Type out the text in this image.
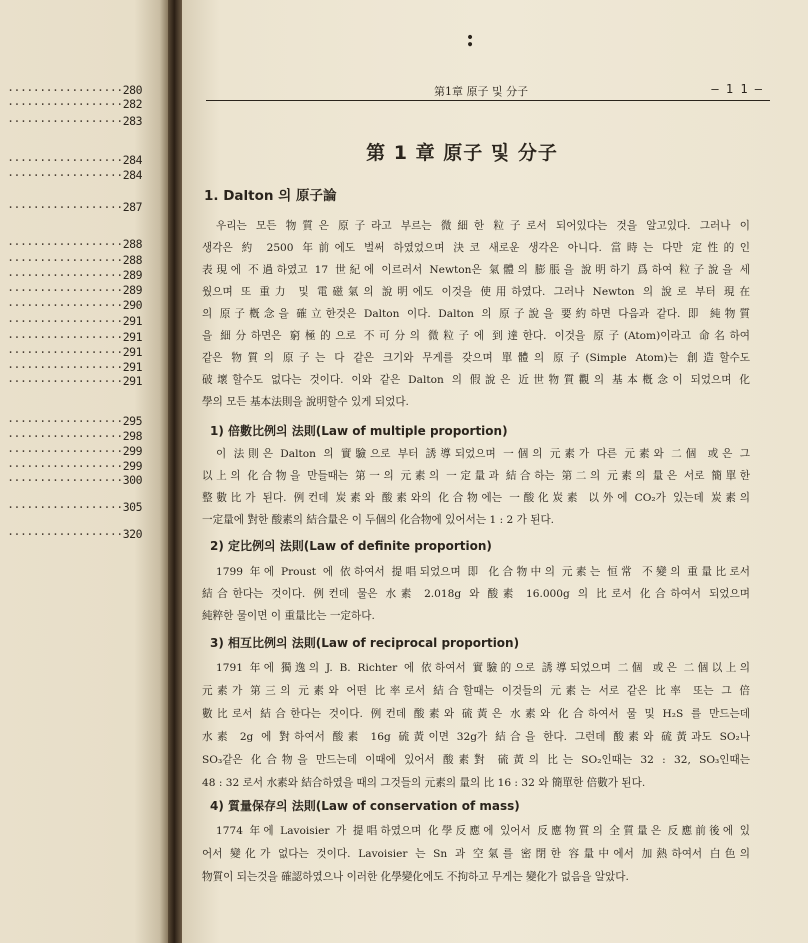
··················280
··················282
··················283
··················284
··················284
··················287
··················288
··················288
··················289
··················289
··················290
··················291
··················291
··················291
··················291
··················291
··················295
··················298
··················299
··················299
··················300
··················305
··················320
:
第1章 原子 및 分子	— 1 1 —
第 1 章 原子 및 分子
1. Dalton 의 原子論
우리는 모든 物質은 原子라고 부르는 微細한 粒子로서 되어있다는 것을 알고있다. 그러나 이
생각은 約 2500 年前에도 벌써 하였었으며 決코 새로운 생각은 아니다. 當時는 다만 定性的인
表現에 不過하였고 17 世紀에 이르러서 Newton은 氣體의 膨脹을 說明하기 爲하여 粒子說을 세
웠으며 또 重力 및 電磁氣의 說明에도 이것을 使用하였다. 그러나 Newton 의 說로 부터 現在
의 原子槪念을 確立한것은 Dalton 이다. Dalton 의 原子說을 要約하면 다음과 같다. 即 純物質
을 細分하면은 窮極的으로 不可分의 微粒子에 到達한다. 이것을 原子(Atom)이라고 命名하여
같은 物質의 原子는 다 같은 크기와 무게를 갖으며 單體의 原子(Simple Atom)는 創造할수도
破壞할수도 없다는 것이다. 이와 같은 Dalton 의 假說은 近世物質觀의 基本槪念이 되었으며 化
學의 모든 基本法則을 說明할수 있게 되었다.
1) 倍數比例의 法則(Law of multiple proportion)
이 法則은 Dalton 의 實驗으로 부터 誘導되었으며 一個의 元素가 다른 元素와 二個 或은 그
以上의 化合物을 만들때는 第一의 元素의 一定量과 結合하는 第二의 元素의 量은 서로 簡單한
整數比가 된다. 例컨데 炭素와 酸素와의 化合物에는 一酸化炭素 以外에 CO₂가 있는데 炭素의
一定量에 對한 酸素의 結合量은 이 두個의 化合物에 있어서는 1 : 2 가 된다.
2) 定比例의 法則(Law of definite proportion)
1799 年에 Proust 에 依하여서 提唱되었으며 即 化合物中의 元素는 恒常 不變의 重量比로서
結合한다는 것이다. 例컨데 물은 水素 2.018g 와 酸素 16.000g 의 比로서 化合하여서 되었으며
純粹한 물이면 이 重量比는 一定하다.
3) 相互比例의 法則(Law of reciprocal proportion)
1791 年에 獨逸의 J. B. Richter 에 依하여서 實驗的으로 誘導되었으며 二個 或은 二個以上의
元素가 第三의 元素와 어떤 比率로서 結合할때는 이것들의 元素는 서로 같은 比率 또는 그 倍
數比로서 結合한다는 것이다. 例컨데 酸素와 硫黃은 水素와 化合하여서 물 및 H₂S 를 만드는데
水素 2g 에 對하여서 酸素 16g 硫黃이면 32g가 結合을 한다. 그런데 酸素와 硫黃과도 SO₂나
SO₃같은 化合物을 만드는데 이때에 있어서 酸素對 硫黃의 比는 SO₂인때는 32 : 32, SO₃인때는
48 : 32 로서 水素와 結合하였을 때의 그것들의 元素의 量의 比 16 : 32 와 簡單한 倍數가 된다.
4) 質量保存의 法則(Law of conservation of mass)
1774 年에 Lavoisier 가 提唱하였으며 化學反應에 있어서 反應物質의 全質量은 反應前後에 있
어서 變化가 없다는 것이다. Lavoisier 는 Sn 과 空氣를 密閉한 容量中에서 加熱하여서 白色의
物質이 되는것을 確認하였으나 이러한 化學變化에도 不拘하고 무게는 變化가 없음을 알았다.
